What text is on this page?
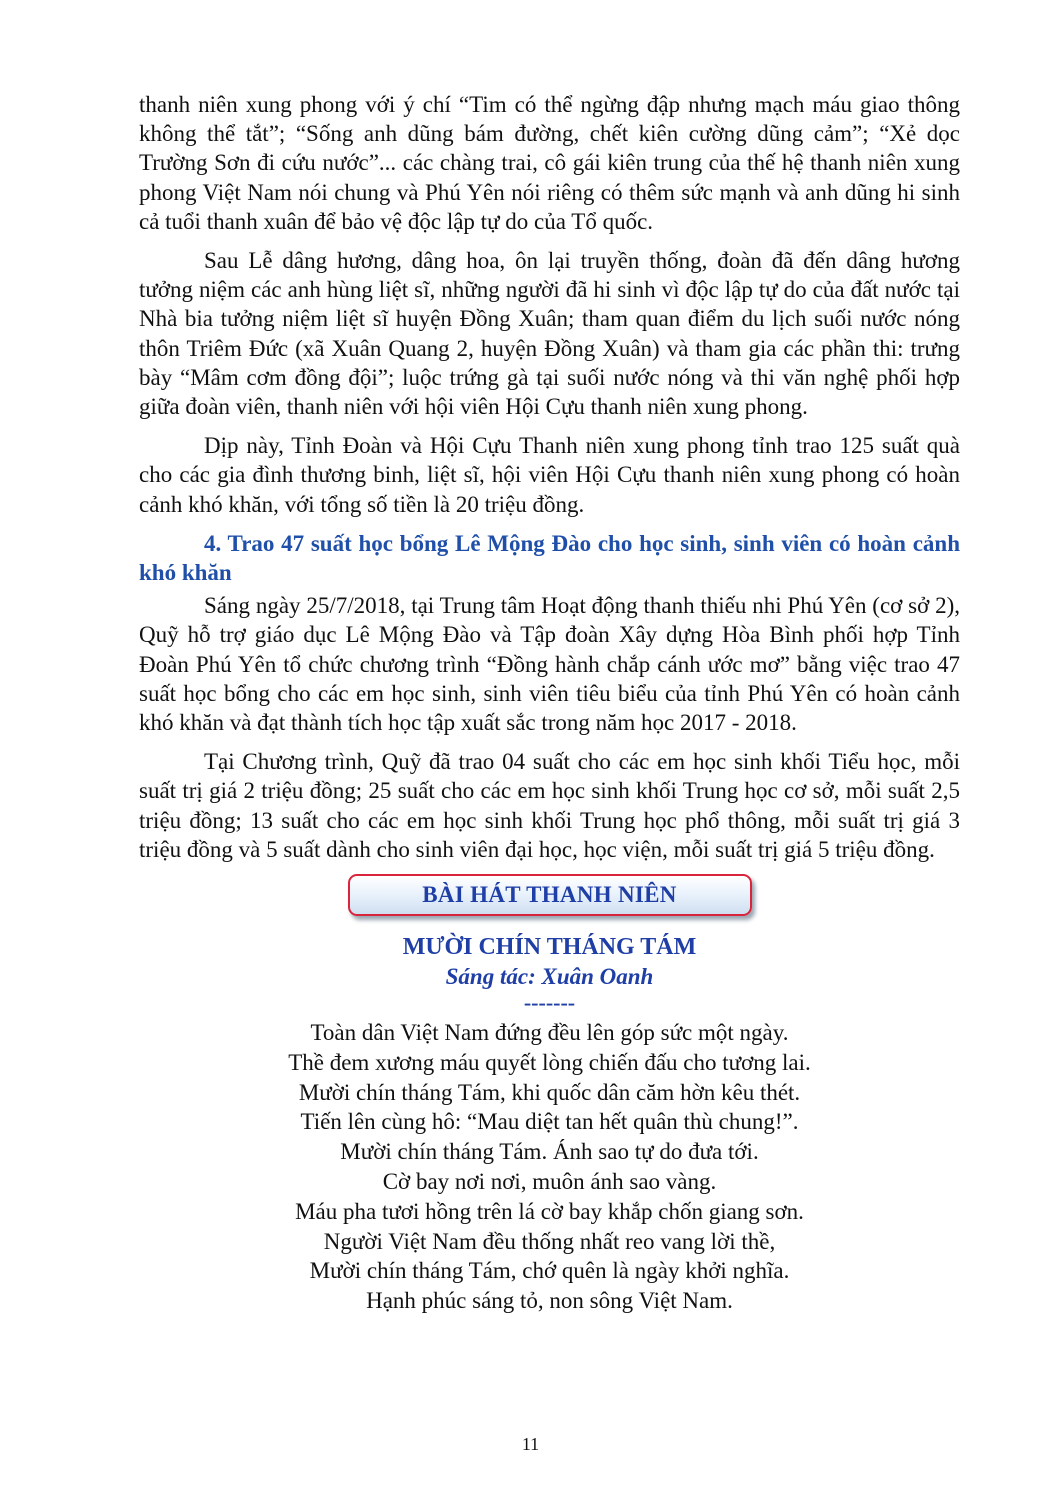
thanh niên xung phong với ý chí “Tim có thể ngừng đập nhưng mạch máu giao thông không thể tắt”; “Sống anh dũng bám đường, chết kiên cường dũng cảm”; “Xẻ dọc Trường Sơn đi cứu nước”... các chàng trai, cô gái kiên trung của thế hệ thanh niên xung phong Việt Nam nói chung và Phú Yên nói riêng có thêm sức mạnh và anh dũng hi sinh cả tuổi thanh xuân để bảo vệ độc lập tự do của Tổ quốc.

Sau Lễ dâng hương, dâng hoa, ôn lại truyền thống, đoàn đã đến dâng hương tưởng niệm các anh hùng liệt sĩ, những người đã hi sinh vì độc lập tự do của đất nước tại Nhà bia tưởng niệm liệt sĩ huyện Đồng Xuân; tham quan điểm du lịch suối nước nóng thôn Triêm Đức (xã Xuân Quang 2, huyện Đồng Xuân) và tham gia các phần thi: trưng bày “Mâm cơm đồng đội”; luộc trứng gà tại suối nước nóng và thi văn nghệ phối hợp giữa đoàn viên, thanh niên với hội viên Hội Cựu thanh niên xung phong.

Dịp này, Tỉnh Đoàn và Hội Cựu Thanh niên xung phong tỉnh trao 125 suất quà cho các gia đình thương binh, liệt sĩ, hội viên Hội Cựu thanh niên xung phong có hoàn cảnh khó khăn, với tổng số tiền là 20 triệu đồng.

4. Trao 47 suất học bổng Lê Mộng Đào cho học sinh, sinh viên có hoàn cảnh khó khăn

Sáng ngày 25/7/2018, tại Trung tâm Hoạt động thanh thiếu nhi Phú Yên (cơ sở 2), Quỹ hỗ trợ giáo dục Lê Mộng Đào và Tập đoàn Xây dựng Hòa Bình phối hợp Tỉnh Đoàn Phú Yên tổ chức chương trình “Đồng hành chắp cánh ước mơ” bằng việc trao 47 suất học bổng cho các em học sinh, sinh viên tiêu biểu của tỉnh Phú Yên có hoàn cảnh khó khăn và đạt thành tích học tập xuất sắc trong năm học 2017 - 2018.

Tại Chương trình, Quỹ đã trao 04 suất cho các em học sinh khối Tiểu học, mỗi suất trị giá 2 triệu đồng; 25 suất cho các em học sinh khối Trung học cơ sở, mỗi suất 2,5 triệu đồng; 13 suất cho các em học sinh khối Trung học phổ thông, mỗi suất trị giá 3 triệu đồng và 5 suất dành cho sinh viên đại học, học viện, mỗi suất trị giá 5 triệu đồng.

BÀI HÁT THANH NIÊN
MƯỜI CHÍN THÁNG TÁM
Sáng tác: Xuân Oanh
-------
Toàn dân Việt Nam đứng đều lên góp sức một ngày.
Thề đem xương máu quyết lòng chiến đấu cho tương lai.
Mười chín tháng Tám, khi quốc dân căm hờn kêu thét.
Tiến lên cùng hô: “Mau diệt tan hết quân thù chung!”.
Mười chín tháng Tám. Ánh sao tự do đưa tới.
Cờ bay nơi nơi, muôn ánh sao vàng.
Máu pha tươi hồng trên lá cờ bay khắp chốn giang sơn.
Người Việt Nam đều thống nhất reo vang lời thề,
Mười chín tháng Tám, chớ quên là ngày khởi nghĩa.
Hạnh phúc sáng tỏ, non sông Việt Nam.
11
